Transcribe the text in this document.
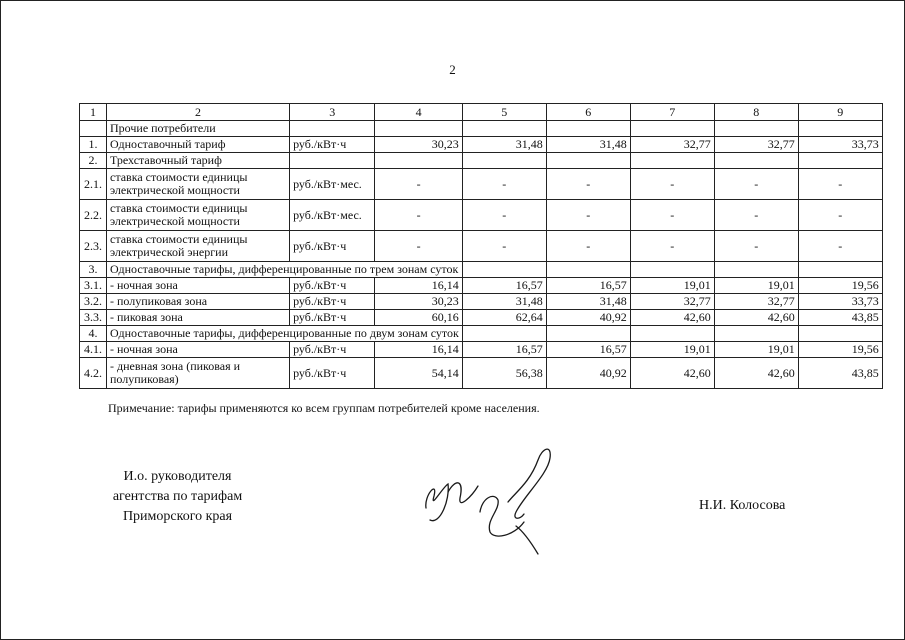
2
1	2	3	4	5	6	7	8	9
	Прочие потребители							
1.	Одноставочный тариф	руб./кВт·ч	30,23	31,48	31,48	32,77	32,77	33,73
2.	Трехставочный тариф							
2.1.	ставка стоимости единицы электрической мощности	руб./кВт·мес.	-	-	-	-	-	-
2.2.	ставка стоимости единицы электрической мощности	руб./кВт·мес.	-	-	-	-	-	-
2.3.	ставка стоимости единицы электрической энергии	руб./кВт·ч	-	-	-	-	-	-
3.	Одноставочные тарифы, дифференцированные по трем зонам суток							
3.1.	- ночная зона	руб./кВт·ч	16,14	16,57	16,57	19,01	19,01	19,56
3.2.	- полупиковая зона	руб./кВт·ч	30,23	31,48	31,48	32,77	32,77	33,73
3.3.	- пиковая зона	руб./кВт·ч	60,16	62,64	40,92	42,60	42,60	43,85
4.	Одноставочные тарифы, дифференцированные по двум зонам суток							
4.1.	- ночная зона	руб./кВт·ч	16,14	16,57	16,57	19,01	19,01	19,56
4.2.	- дневная зона (пиковая и полупиковая)	руб./кВт·ч	54,14	56,38	40,92	42,60	42,60	43,85
Примечание: тарифы применяются ко всем группам потребителей кроме населения.
И.о. руководителя
агентства по тарифам
Приморского края
Н.И. Колосова
